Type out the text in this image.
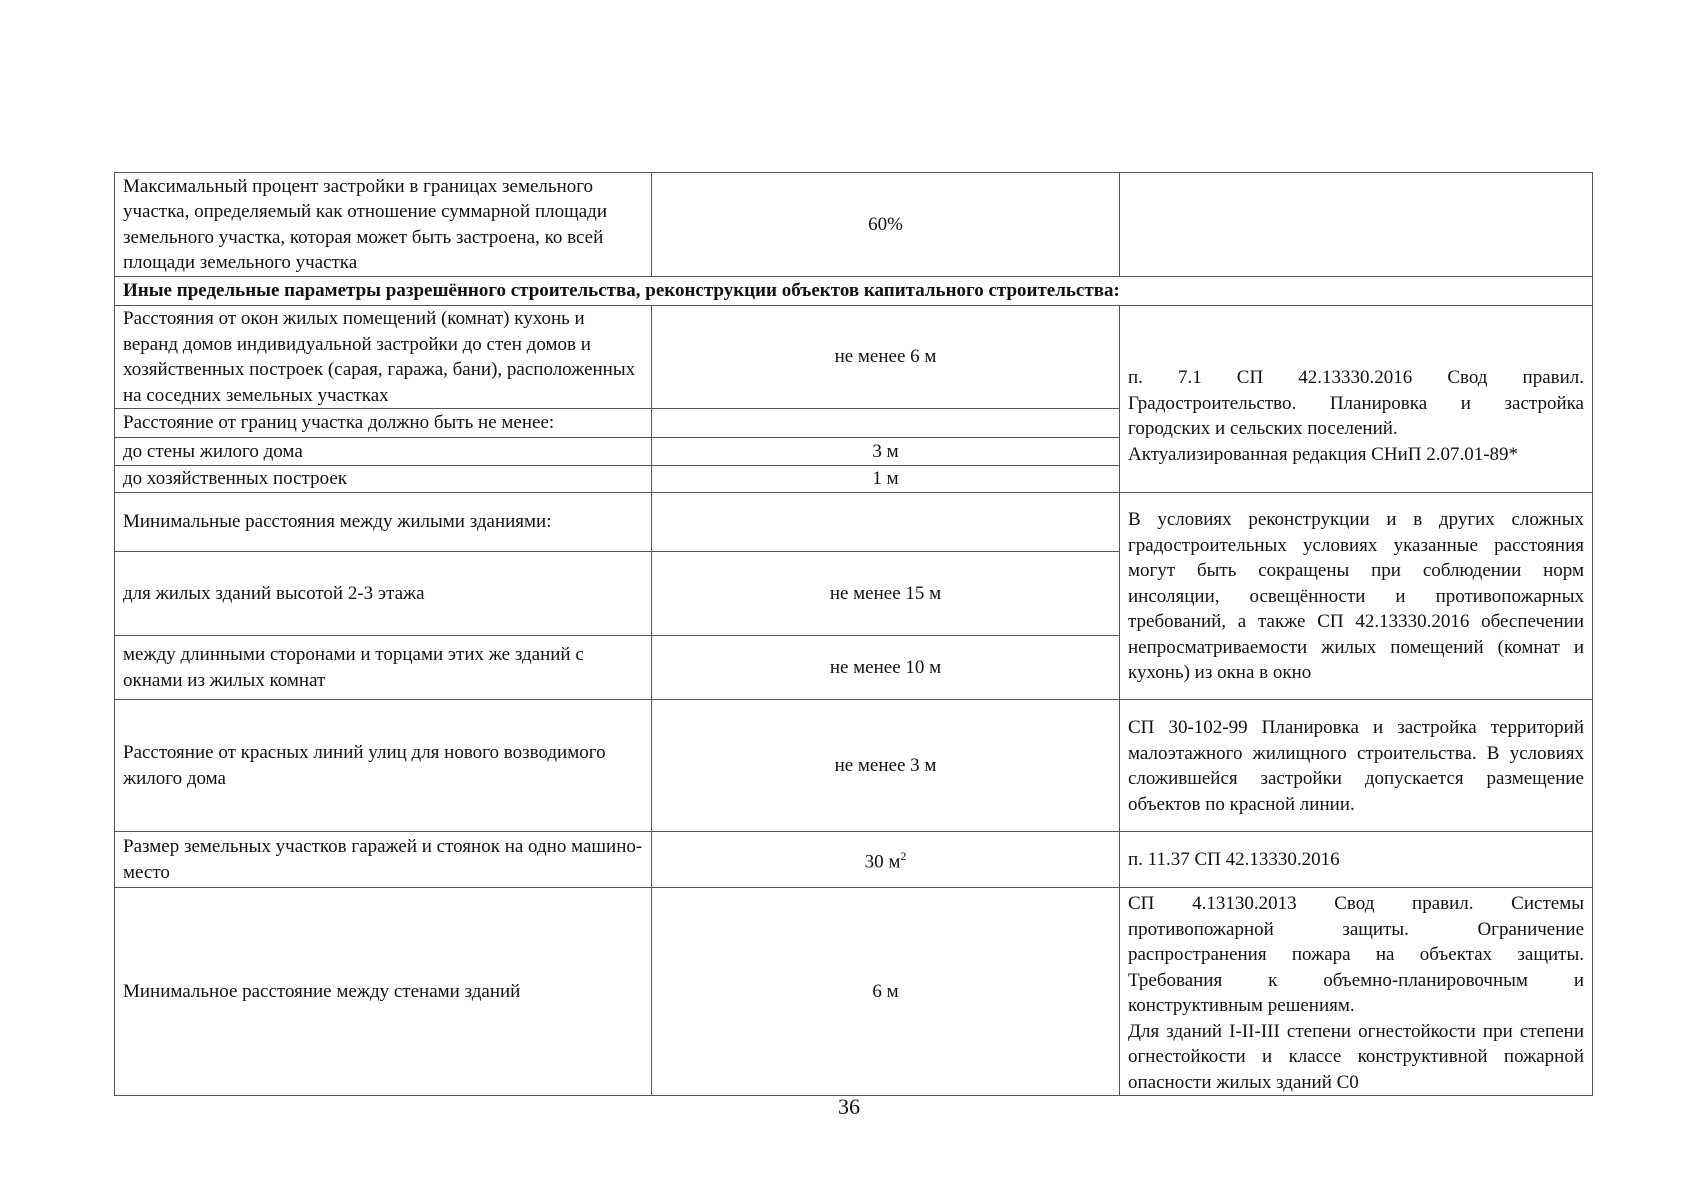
Максимальный процент застройки в границах земельного участка, определяемый как отношение суммарной площади земельного участка, которая может быть застроена, ко всей площади земельного участка	60%	
Иные предельные параметры разрешённого строительства, реконструкции объектов капитального строительства:		
Расстояния от окон жилых помещений (комнат) кухонь и веранд домов индивидуальной застройки до стен домов и хозяйственных построек (сарая, гаража, бани), расположенных на соседних земельных участках	не менее 6 м	п. 7.1 СП 42.13330.2016 Свод правил. Градостроительство. Планировка и застройка городских и сельских поселений.
Актуализированная редакция СНиП 2.07.01-89*

Расстояние от границ участка должно быть не менее:		
до стены жилого дома	3 м	
до хозяйственных построек	1 м	
Минимальные расстояния между жилыми зданиями:		В условиях реконструкции и в других сложных градостроительных условиях указанные расстояния могут быть сокращены при соблюдении норм инсоляции, освещённости и противопожарных требований, а также СП 42.13330.2016 обеспечении непросматриваемости жилых помещений (комнат и кухонь) из окна в окно
для жилых зданий высотой 2-3 этажа	не менее 15 м	
между длинными сторонами и торцами этих же зданий с окнами из жилых комнат	не менее 10 м	
Расстояние от красных линий улиц для нового возводимого жилого дома	не менее 3 м	СП 30-102-99 Планировка и застройка территорий малоэтажного жилищного строительства. В условиях сложившейся застройки допускается размещение объектов по красной линии.
Размер земельных участков гаражей и стоянок на одно машино-место	30 $м^2$	п. 11.37 СП 42.13330.2016
Минимальное расстояние между стенами зданий	6 м	СП 4.13130.2013 Свод правил. Системы противопожарной защиты. Ограничение распространения пожара на объектах защиты. Требования к объемно-планировочным и конструктивным решениям.
Для зданий I-II-III степени огнестойкости при степени огнестойкости и классе конструктивной пожарной опасности жилых зданий С0
36
